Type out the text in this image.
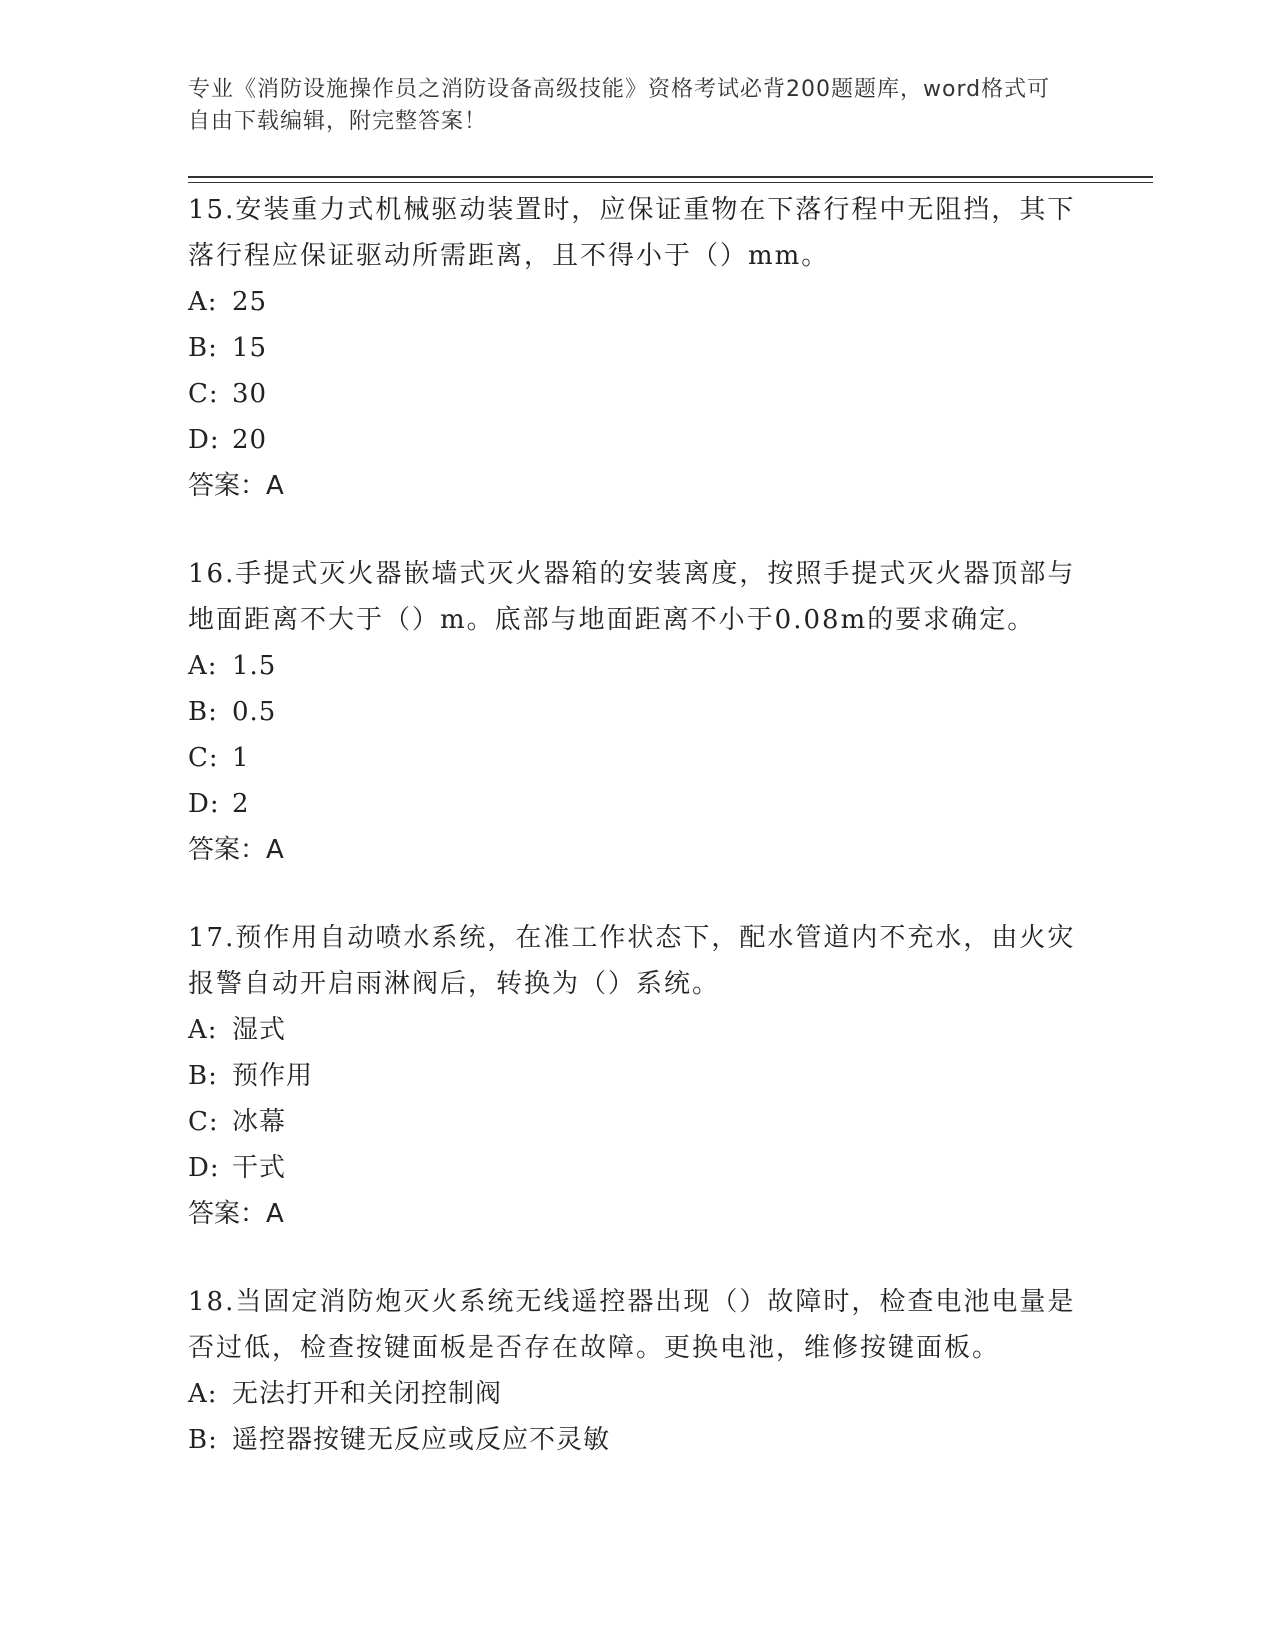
专业《消防设施操作员之消防设备高级技能》资格考试必背200题题库，word格式可自由下载编辑，附完整答案！

15.安装重力式机械驱动装置时，应保证重物在下落行程中无阻挡，其下落行程应保证驱动所需距离，且不得小于（）mm。

A: 25

B: 15

C: 30

D: 20

答案：A

16.手提式灭火器嵌墙式灭火器箱的安装离度，按照手提式灭火器顶部与地面距离不大于（）m。底部与地面距离不小于0.08m的要求确定。

A: 1.5

B: 0.5

C: 1

D: 2

答案：A

17.预作用自动喷水系统，在准工作状态下，配水管道内不充水，由火灾报警自动开启雨淋阀后，转换为（）系统。

A: 湿式

B: 预作用

C: 冰幕

D: 干式

答案：A

18.当固定消防炮灭火系统无线遥控器出现（）故障时，检查电池电量是否过低，检查按键面板是否存在故障。更换电池，维修按键面板。

A: 无法打开和关闭控制阀

B: 遥控器按键无反应或反应不灵敏
